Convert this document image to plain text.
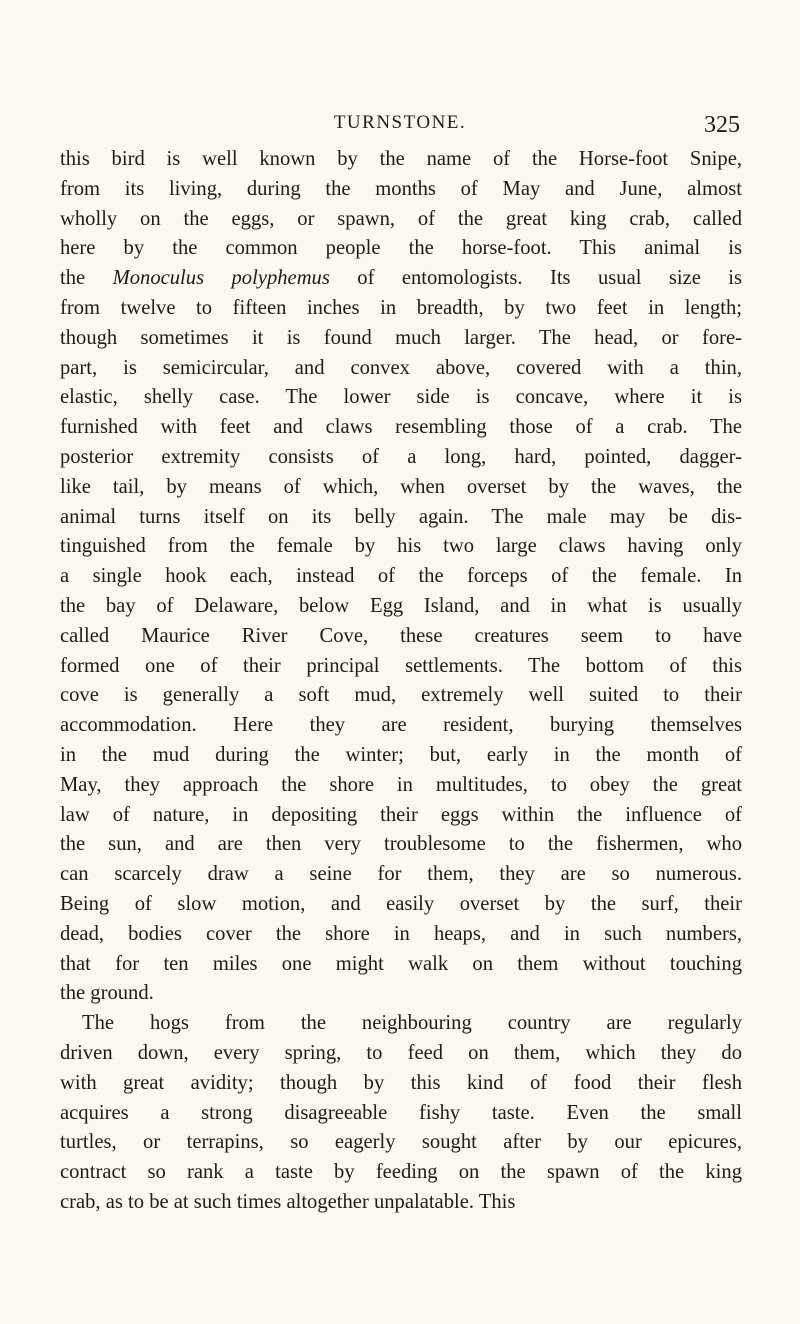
TURNSTONE.	325
this bird is well known by the name of the Horse-foot Snipe,
from its living, during the months of May and June, almost
wholly on the eggs, or spawn, of the great king crab, called
here by the common people the horse-foot. This animal is
the Monoculus polyphemus of entomologists. Its usual size is
from twelve to fifteen inches in breadth, by two feet in length;
though sometimes it is found much larger. The head, or fore-
part, is semicircular, and convex above, covered with a thin,
elastic, shelly case. The lower side is concave, where it is
furnished with feet and claws resembling those of a crab. The
posterior extremity consists of a long, hard, pointed, dagger-
like tail, by means of which, when overset by the waves, the
animal turns itself on its belly again. The male may be dis-
tinguished from the female by his two large claws having only
a single hook each, instead of the forceps of the female. In
the bay of Delaware, below Egg Island, and in what is usually
called Maurice River Cove, these creatures seem to have
formed one of their principal settlements. The bottom of this
cove is generally a soft mud, extremely well suited to their
accommodation. Here they are resident, burying themselves
in the mud during the winter; but, early in the month of
May, they approach the shore in multitudes, to obey the great
law of nature, in depositing their eggs within the influence of
the sun, and are then very troublesome to the fishermen, who
can scarcely draw a seine for them, they are so numerous.
Being of slow motion, and easily overset by the surf, their
dead, bodies cover the shore in heaps, and in such numbers,
that for ten miles one might walk on them without touching
the ground.
The hogs from the neighbouring country are regularly
driven down, every spring, to feed on them, which they do
with great avidity; though by this kind of food their flesh
acquires a strong disagreeable fishy taste. Even the small
turtles, or terrapins, so eagerly sought after by our epicures,
contract so rank a taste by feeding on the spawn of the king
crab, as to be at such times altogether unpalatable. This
